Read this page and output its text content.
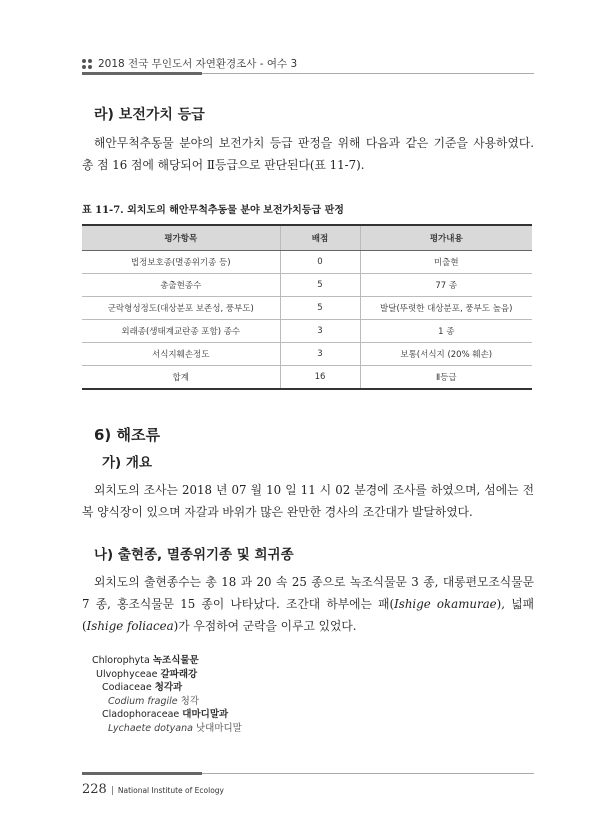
2018 전국 무인도서 자연환경조사 - 여수 3
라) 보전가치 등급
해안무척추동물 분야의 보전가치 등급 판정을 위해 다음과 같은 기준을 사용하였다. 총 점 16 점에 해당되어 Ⅱ등급으로 판단된다(표 11-7).
표 11-7. 외치도의 해안무척추동물 분야 보전가치등급 판정
평가항목	배점	평가내용
법정보호종(멸종위기종 등)	0	미출현
총출현종수	5	77 종
군락형성정도(대상분포 보존성, 풍부도)	5	발달(뚜렷한 대상분포, 풍부도 높음)
외래종(생태계교란종 포함) 종수	3	1 종
서식지훼손정도	3	보통(서식지 (20% 훼손)
합계	16	Ⅱ등급
6) 해조류
가) 개요
외치도의 조사는 2018 년 07 월 10 일 11 시 02 분경에 조사를 하였으며, 섬에는 전복 양식장이 있으며 자갈과 바위가 많은 완만한 경사의 조간대가 발달하였다.
나) 출현종, 멸종위기종 및 희귀종
외치도의 출현종수는 총 18 과 20 속 25 종으로 녹조식물문 3 종, 대롱편모조식물문 7 종, 홍조식물문 15 종이 나타났다. 조간대 하부에는 패(Ishige okamurae), 넓패(Ishige foliacea)가 우점하여 군락을 이루고 있었다.
Chlorophyta 녹조식물문
Ulvophyceae 갈파래강
Codiaceae 청각과
Codium fragile 청각
Cladophoraceae 대마디말과
Lychaete dotyana 낫대마디말
228 | National Institute of Ecology
